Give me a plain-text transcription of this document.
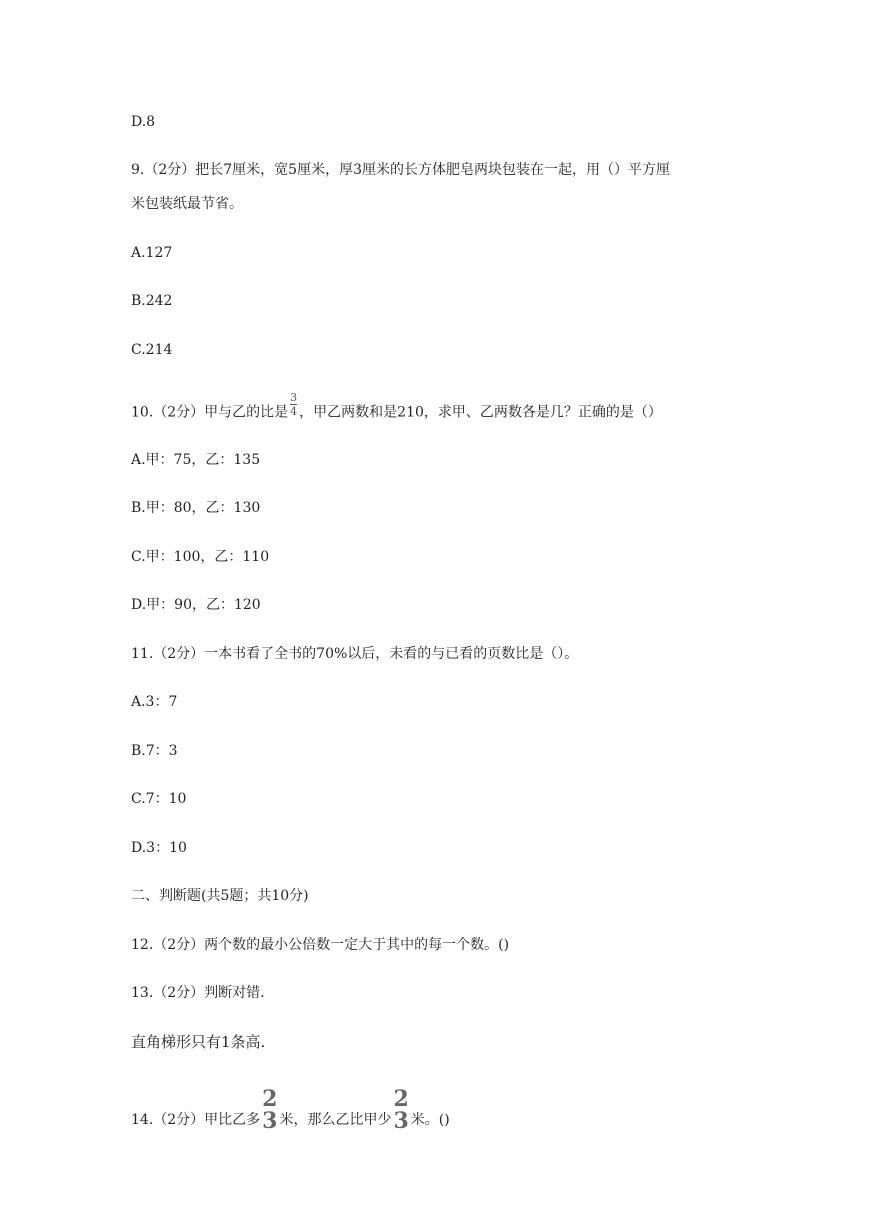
D.8
9.（2分）把长7厘米，宽5厘米，厚3厘米的长方体肥皂两块包装在一起，用（）平方厘
米包装纸最节省。
A.127
B.242
C.214
10.（2分）甲与乙的比是 $\frac{3}{4}$ ，甲乙两数和是210，求甲、乙两数各是几？正确的是（）
A.甲：75，乙：135
B.甲：80，乙：130
C.甲：100，乙：110
D.甲：90，乙：120
11.（2分）一本书看了全书的70%以后，未看的与已看的页数比是（）。
A.3：7
B.7：3
C.7：10
D.3：10
二、判断题(共5题；共10分)
12.（2分）两个数的最小公倍数一定大于其中的每一个数。()
13.（2分）判断对错.
直角梯形只有1条高.
14.（2分）甲比乙多
2
3 米，那么乙比甲少
2
3 米。()
